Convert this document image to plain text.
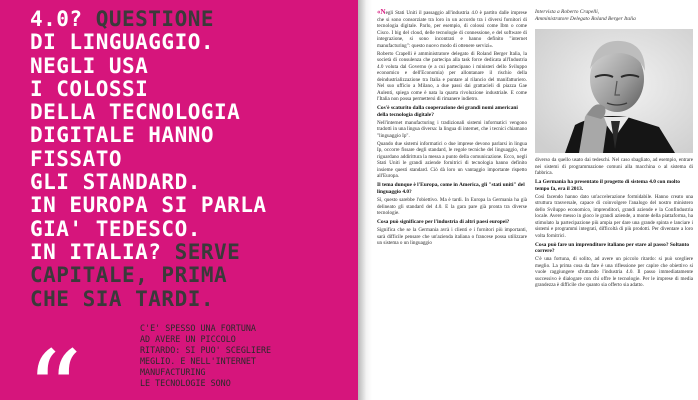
4.0? QUESTIONE
DI LINGUAGGIO.
NEGLI USA
I COLOSSI
DELLA TECNOLOGIA
DIGITALE HANNO
FISSATO
GLI STANDARD.
IN EUROPA SI PARLA
GIA' TEDESCO.
IN ITALIA? SERVE
CAPITALE, PRIMA
CHE SIA TARDI.
“	C'E' SPESSO UNA FORTUNA
AD AVERE UN PICCOLO
RITARDO: SI PUO' SCEGLIERE
MEGLIO. E NELL'INTERNET
MANUFACTURING
LE TECNOLOGIE SONO

«Negli Stati Uniti il passaggio all'industria 4.0 è partito dalle imprese che si sono consorziate tra loro in un accordo tra i diversi fornitori di tecnologia digitale. Parlo, per esempio, di colossi come Ibm o come Cisco. I big del cloud, delle tecnologie di connessione, e del software di integrazione, si sono incontrati e hanno definito "internet manufacturing": questo nuovo modo di ottenere servizi».

Roberto Crapelli è amministratore delegato di Roland Berger Italia, la società di consulenza che partecipa alla task force dedicata all'Industria 4.0 voluta dal Governo (e a cui partecipano i ministeri dello Sviluppo economico e dell'Economia) per allontanare il rischio della deindustrializzazione tra Italia e puntare al rilancio del manifatturiero. Nel suo ufficio a Milano, a due passi dai grattacieli di piazza Gae Aulenti, spiega come è nata la quarta rivoluzione industriale. E come l'Italia non possa permettersi di rimanere indietro.

Cos'è scaturito dalla cooperazione dei grandi nomi americani della tecnologia digitale?

Nell'internet manufacturing i tradizionali sistemi informatici vengono tradotti in una lingua diversa: la lingua di internet, che i tecnici chiamano "linguaggio Ip".

Quando due sistemi informatici o due imprese devono parlarsi in lingua Ip, occorre fissare degli standard, le regole tecniche del linguaggio, che riguardano addirittura la messa a punto della comunicazione. Ecco, negli Stati Uniti le grandi aziende fornitrici di tecnologia hanno definito insieme questi standard. Ciò dà loro un vantaggio importante rispetto all'Europa.

Il tema dunque è l'Europa, come in America, gli "stati uniti" del linguaggio 4.0?

Sì, questo sarebbe l'obiettivo. Ma è tardi. In Europa la Germania ha già delineato gli standard del 4.0. E la gara pare già pronta tra diverse tecnologie.

Cosa può significare per l'industria di altri paesi europei?

Significa che se la Germania avrà i clienti e i fornitori più importanti, sarà difficile pensare che un'azienda italiana o francese possa utilizzare un sistema o un linguaggio

Intervista a Roberto Crapelli,
Amministratore Delegato Roland Berger Italia

diverso da quello usato dai tedeschi. Nel caso sbagliato, ad esempio, entrare nei sistemi di programmazione comuni alla macchina o al sistema di fabbrica.

La Germania ha presentato il progetto di sistema 4.0 con molto tempo fa, era il 2013.

Così facendo hanno dato un'accelerazione formidabile. Hanno creato una struttura trasversale, capace di coinvolgere l'analogo del nostro ministero dello Sviluppo economico, imprenditori, grandi aziende e la Confindustria locale. Avere messo in gioco le grandi aziende, a monte della piattaforma, ha stimolato la partecipazione più ampia per dare una grande spinta e lanciare i sistemi e programmi integrati, difficoltà di più prodotti. Per diventare a loro volta fornitrici.

Cosa può fare un imprenditore italiano per stare al passo? Soltanto correre?

C'è una fortuna, di solito, ad avere un piccolo ritardo: si può scegliere meglio. La prima cosa da fare è una riflessione per capire che obiettivo si vuole raggiungere sfruttando l'industria 4.0. Il passo immediatamente successivo è dialogare con chi offre le tecnologie. Per le imprese di media grandezza è difficile che quanto sia offerto sia adatto.
